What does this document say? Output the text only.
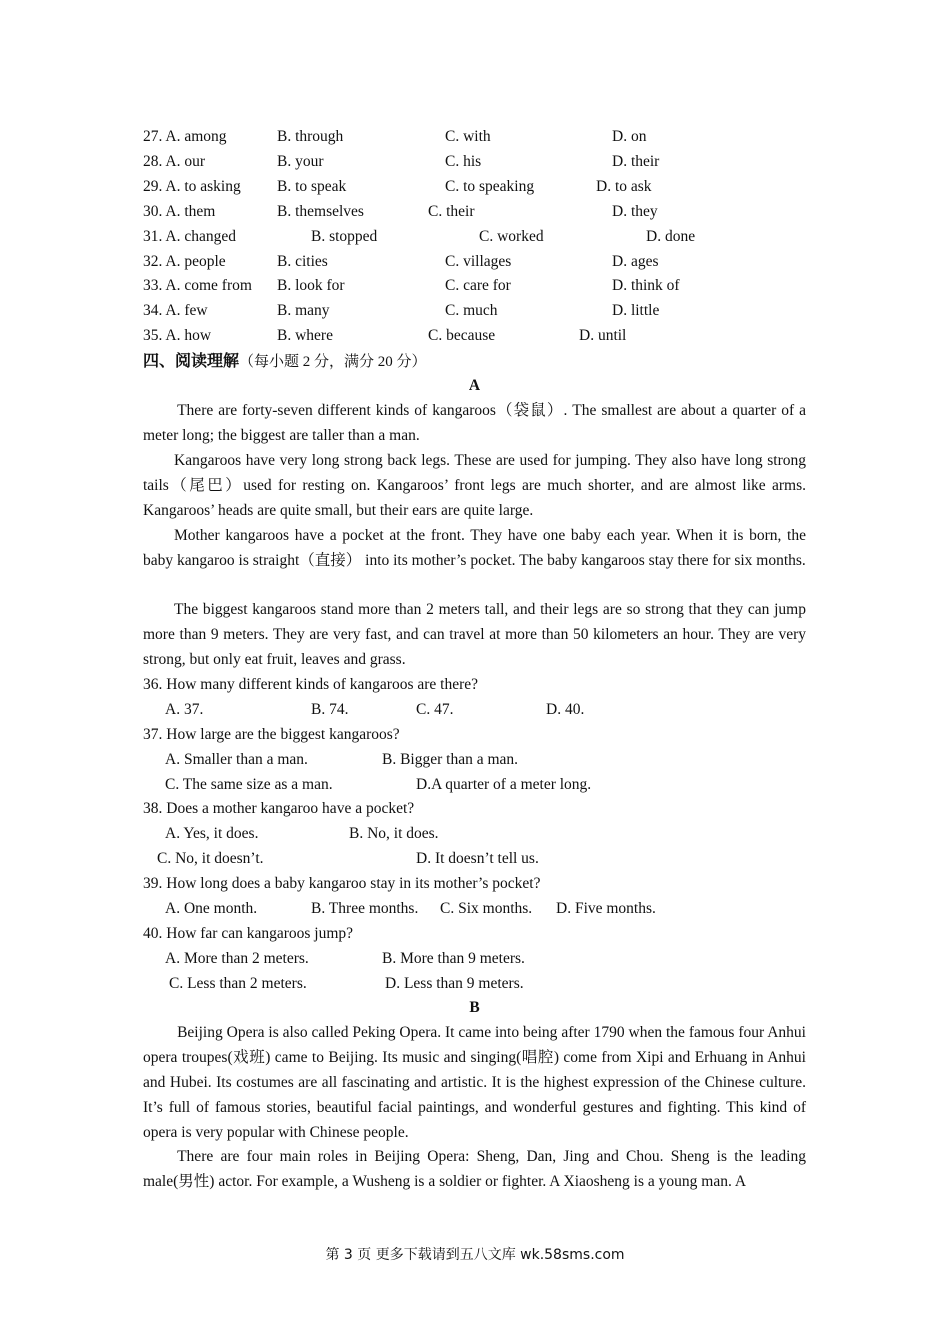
27. A. among	B. through	C. with	D. on
28. A. our	B. your	C. his	D. their
29. A. to asking B. to speak	C. to speaking	D. to ask
30. A. them	B. themselves	C. their	D. they
31. A. changed	B. stopped	C. worked	D. done
32. A. people	B. cities	C. villages	D. ages
33. A. come from B. look for	C. care for	D. think of
34. A. few	B. many	C. much	D. little
35. A. how	B. where	C. because	D. until
四、阅读理解（每小题 2 分，满分 20 分）
A
There are forty-seven different kinds of kangaroos（袋鼠）. The smallest are about a quarter of a meter long; the biggest are taller than a man.
Kangaroos have very long strong back legs. These are used for jumping. They also have long strong tails（尾巴）used for resting on. Kangaroos’ front legs are much shorter, and are almost like arms. Kangaroos’ heads are quite small, but their ears are quite large.
Mother kangaroos have a pocket at the front. They have one baby each year. When it is born, the baby kangaroo is straight（直接） into its mother’s pocket. The baby kangaroos stay there for six months.
The biggest kangaroos stand more than 2 meters tall, and their legs are so strong that they can jump more than 9 meters. They are very fast, and can travel at more than 50 kilometers an hour. They are very strong, but only eat fruit, leaves and grass.
36. How many different kinds of kangaroos are there?
A. 37.	B. 74.	C. 47.	D. 40.
37. How large are the biggest kangaroos?
A. Smaller than a man.	B. Bigger than a man.
C. The same size as a man.	D.A quarter of a meter long.
38. Does a mother kangaroo have a pocket?
A. Yes, it does.	B. No, it does.
C. No, it doesn’t.	D. It doesn’t tell us.
39. How long does a baby kangaroo stay in its mother’s pocket?
A. One month.	B. Three months. C. Six months. D. Five months.
40. How far can kangaroos jump?
A. More than 2 meters.	B. More than 9 meters.
C. Less than 2 meters.	D. Less than 9 meters.
B
Beijing Opera is also called Peking Opera. It came into being after 1790 when the famous four Anhui opera troupes(戏班) came to Beijing. Its music and singing(唱腔) come from Xipi and Erhuang in Anhui and Hubei. Its costumes are all fascinating and artistic. It is the highest expression of the Chinese culture. It’s full of famous stories, beautiful facial paintings, and wonderful gestures and fighting. This kind of opera is very popular with Chinese people.
There are four main roles in Beijing Opera: Sheng, Dan, Jing and Chou. Sheng is the leading male(男性) actor. For example, a Wusheng is a soldier or fighter. A Xiaosheng is a young man. A
第 3 页 更多下载请到五八文库 wk.58sms.com
